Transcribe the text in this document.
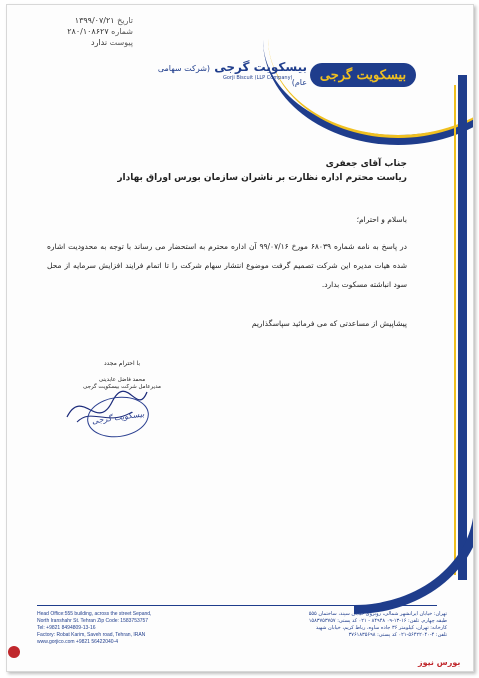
تاریخ ۱۳۹۹/۰۷/۲۱
شماره ۲۸۰/۱۰۸۶۲۷
پیوست ندارد
بیسکویت گرجی
بیسکویت گرجی (شرکت سهامی عام)
Gorji Biscuit (LLP Company)
جناب آقای جعفری
ریاست محترم اداره نظارت بر ناشران سازمان بورس اوراق بهادار
باسلام و احترام؛
در پاسخ به نامه شماره ۶۸۰۳۹ مورخ ۹۹/۰۷/۱۶ آن اداره محترم به استحضار می رساند با توجه به محدودیت اشاره شده هیات مدیره این شرکت تصمیم گرفت موضوع انتشار سهام شرکت را تا اتمام فرایند افزایش سرمایه از محل سود انباشته مسکوت بدارد.
پیشاپیش از مساعدتی که می فرمائید سپاسگذاریم
با احترام مجدد
محمد فاضل عابدینی
مدیرعامل شرکت بیسکویت گرجی
بیسکویت گرجی
Head Office:555 building, across the street Sepand,
North Iranshahr St. Tehran Zip Code: 1583753757
Tel: +9821 8494809-13-16
Factory: Robat Karim, Saveh road, Tehran, IRAN
www.gorjico.com +9821 56422040-4
تهران: خیابان ایرانشهر شمالی، روبروی خیابان سپند، ساختمان ۵۵۵
طبقه چهارم. تلفن: ۱۶-۱۳-۰۹ ۸۴۹۴۸ - ۰۲۱ کد پستی: ۱۵۸۳۷۵۳۷۵۷
کارخانه: تهران، کیلومتر ۳۶ جاده ساوه، رباط کریم، خیابان شهید
تلفن: ۴-۵۶۴۲۲۰۴۰-۰۲۱ کد پستی: ۳۷۶۱۸۳۵۶۹۸
بورس نیوز
